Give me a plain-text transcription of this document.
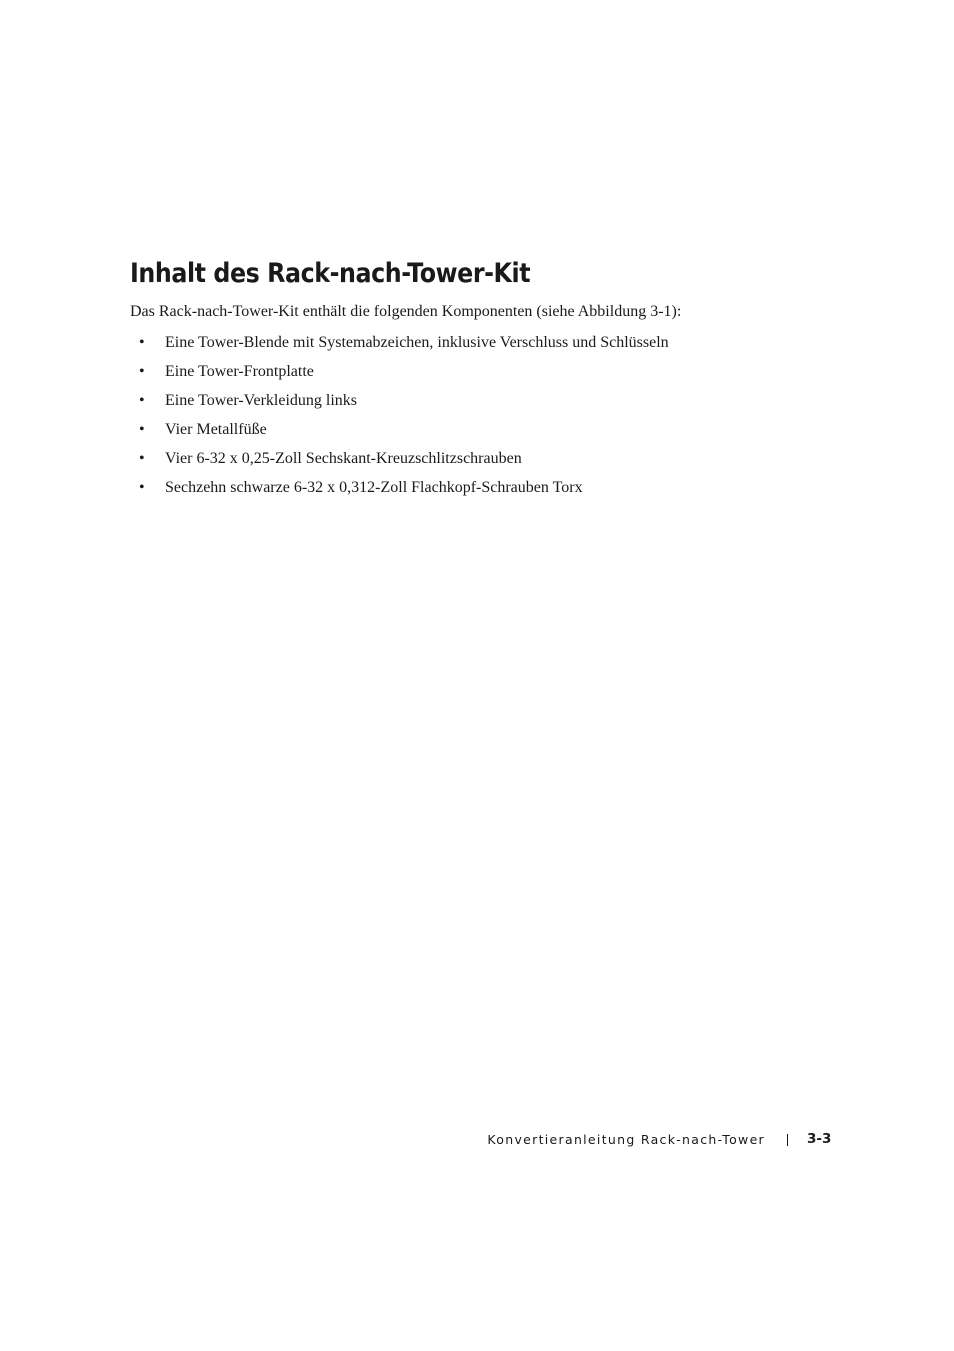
Inhalt des Rack-nach-Tower-Kit

Das Rack-nach-Tower-Kit enthält die folgenden Komponenten (siehe Abbildung 3-1):

• Eine Tower-Blende mit Systemabzeichen, inklusive Verschluss und Schlüsseln
• Eine Tower-Frontplatte
• Eine Tower-Verkleidung links
• Vier Metallfüße
• Vier 6-32 x 0,25-Zoll Sechskant-Kreuzschlitzschrauben
• Sechzehn schwarze 6-32 x 0,312-Zoll Flachkopf-Schrauben Torx
Konvertieranleitung Rack-nach-Tower	3-3
